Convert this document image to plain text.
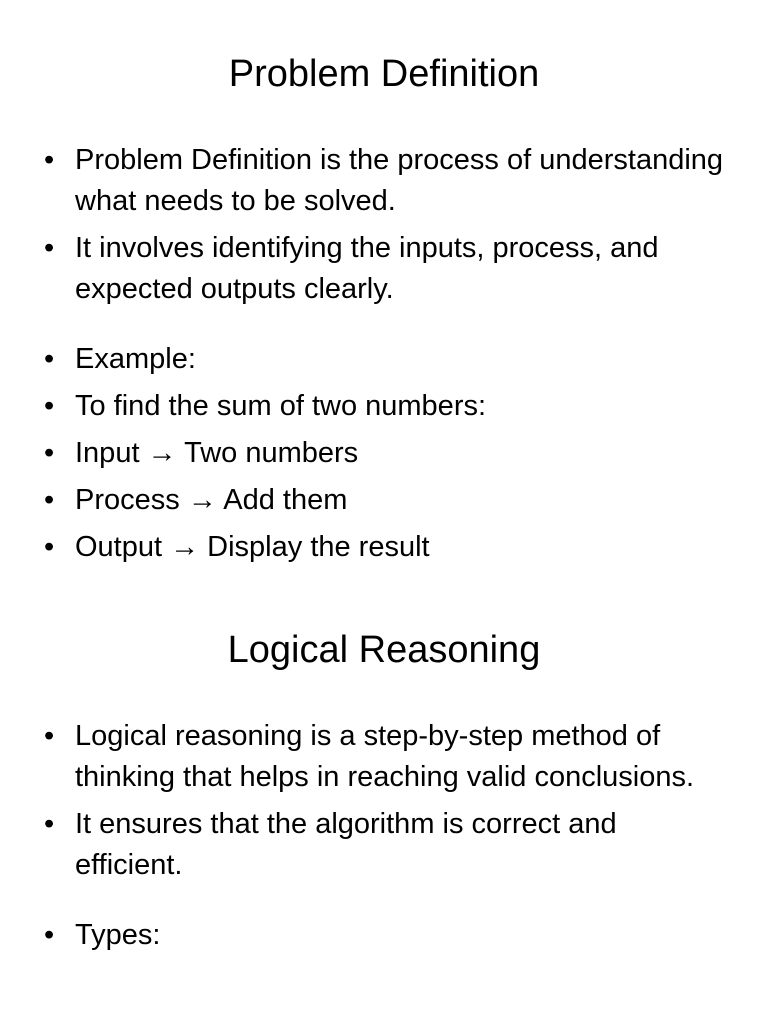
Problem Definition
• Problem Definition is the process of understanding what needs to be solved.
• It involves identifying the inputs, process, and expected outputs clearly.
• Example:
• To find the sum of two numbers:
• Input → Two numbers
• Process → Add them
• Output → Display the result
Logical Reasoning
• Logical reasoning is a step-by-step method of thinking that helps in reaching valid conclusions.
• It ensures that the algorithm is correct and efficient.
• Types:
